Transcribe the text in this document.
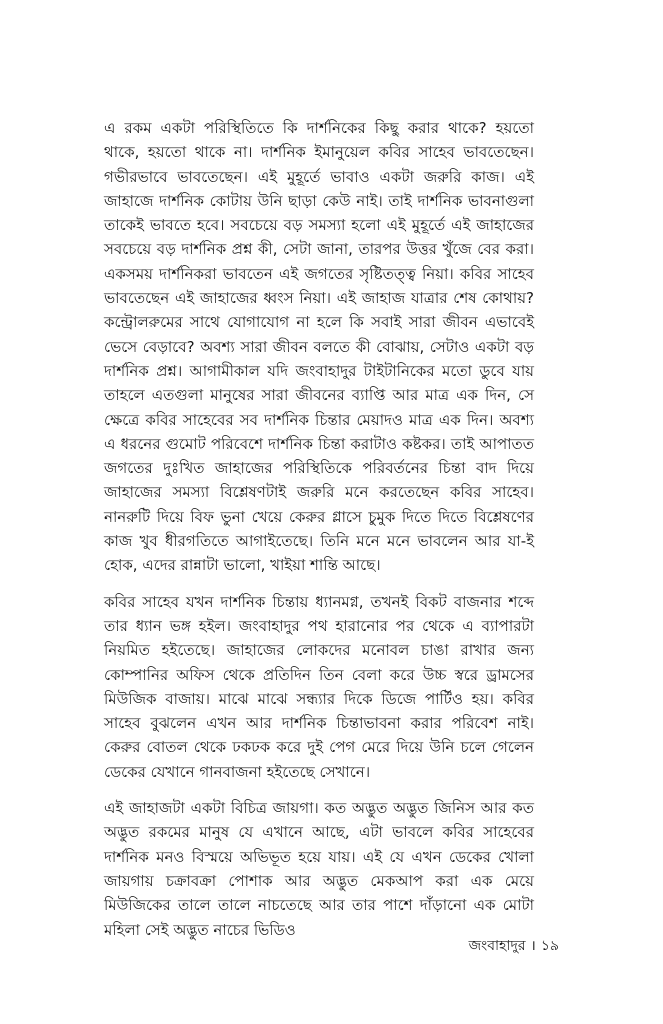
এ রকম একটা পরিস্থিতিতে কি দার্শনিকের কিছু করার থাকে? হয়তো থাকে, হয়তো থাকে না। দার্শনিক ইমানুয়েল কবির সাহেব ভাবতেছেন। গভীরভাবে ভাবতেছেন। এই মুহূর্তে ভাবাও একটা জরুরি কাজ। এই জাহাজে দার্শনিক কোটায় উনি ছাড়া কেউ নাই। তাই দার্শনিক ভাবনাগুলা তাকেই ভাবতে হবে। সবচেয়ে বড় সমস্যা হলো এই মুহূর্তে এই জাহাজের সবচেয়ে বড় দার্শনিক প্রশ্ন কী, সেটা জানা, তারপর উত্তর খুঁজে বের করা। একসময় দার্শনিকরা ভাবতেন এই জগতের সৃষ্টিতত্ত্ব নিয়া। কবির সাহেব ভাবতেছেন এই জাহাজের ধ্বংস নিয়া। এই জাহাজ যাত্রার শেষ কোথায়? কন্ট্রোলরুমের সাথে যোগাযোগ না হলে কি সবাই সারা জীবন এভাবেই ভেসে বেড়াবে? অবশ্য সারা জীবন বলতে কী বোঝায়, সেটাও একটা বড় দার্শনিক প্রশ্ন। আগামীকাল যদি জংবাহাদুর টাইটানিকের মতো ডুবে যায় তাহলে এতগুলা মানুষের সারা জীবনের ব্যাপ্তি আর মাত্র এক দিন, সে ক্ষেত্রে কবির সাহেবের সব দার্শনিক চিন্তার মেয়াদও মাত্র এক দিন। অবশ্য এ ধরনের গুমোট পরিবেশে দার্শনিক চিন্তা করাটাও কষ্টকর। তাই আপাতত জগতের দুঃখিত জাহাজের পরিস্থিতিকে পরিবর্তনের চিন্তা বাদ দিয়ে জাহাজের সমস্যা বিশ্লেষণটাই জরুরি মনে করতেছেন কবির সাহেব। নানরুটি দিয়ে বিফ ভুনা খেয়ে কেরুর গ্লাসে চুমুক দিতে দিতে বিশ্লেষণের কাজ খুব ধীরগতিতে আগাইতেছে। তিনি মনে মনে ভাবলেন আর যা-ই হোক, এদের রান্নাটা ভালো, খাইয়া শান্তি আছে।

কবির সাহেব যখন দার্শনিক চিন্তায় ধ্যানমগ্ন, তখনই বিকট বাজনার শব্দে তার ধ্যান ভঙ্গ হইল। জংবাহাদুর পথ হারানোর পর থেকে এ ব্যাপারটা নিয়মিত হইতেছে। জাহাজের লোকদের মনোবল চাঙা রাখার জন্য কোম্পানির অফিস থেকে প্রতিদিন তিন বেলা করে উচ্চ স্বরে ড্রামসের মিউজিক বাজায়। মাঝে মাঝে সন্ধ্যার দিকে ডিজে পার্টিও হয়। কবির সাহেব বুঝলেন এখন আর দার্শনিক চিন্তাভাবনা করার পরিবেশ নাই। কেরুর বোতল থেকে ঢকঢক করে দুই পেগ মেরে দিয়ে উনি চলে গেলেন ডেকের যেখানে গানবাজনা হইতেছে সেখানে।

এই জাহাজটা একটা বিচিত্র জায়গা। কত অদ্ভুত অদ্ভুত জিনিস আর কত অদ্ভুত রকমের মানুষ যে এখানে আছে, এটা ভাবলে কবির সাহেবের দার্শনিক মনও বিস্ময়ে অভিভূত হয়ে যায়। এই যে এখন ডেকের খোলা জায়গায় চক্রাবক্রা পোশাক আর অদ্ভুত মেকআপ করা এক মেয়ে মিউজিকের তালে তালে নাচতেছে আর তার পাশে দাঁড়ানো এক মোটা মহিলা সেই অদ্ভুত নাচের ভিডিও

জংবাহাদুর । ১৯
